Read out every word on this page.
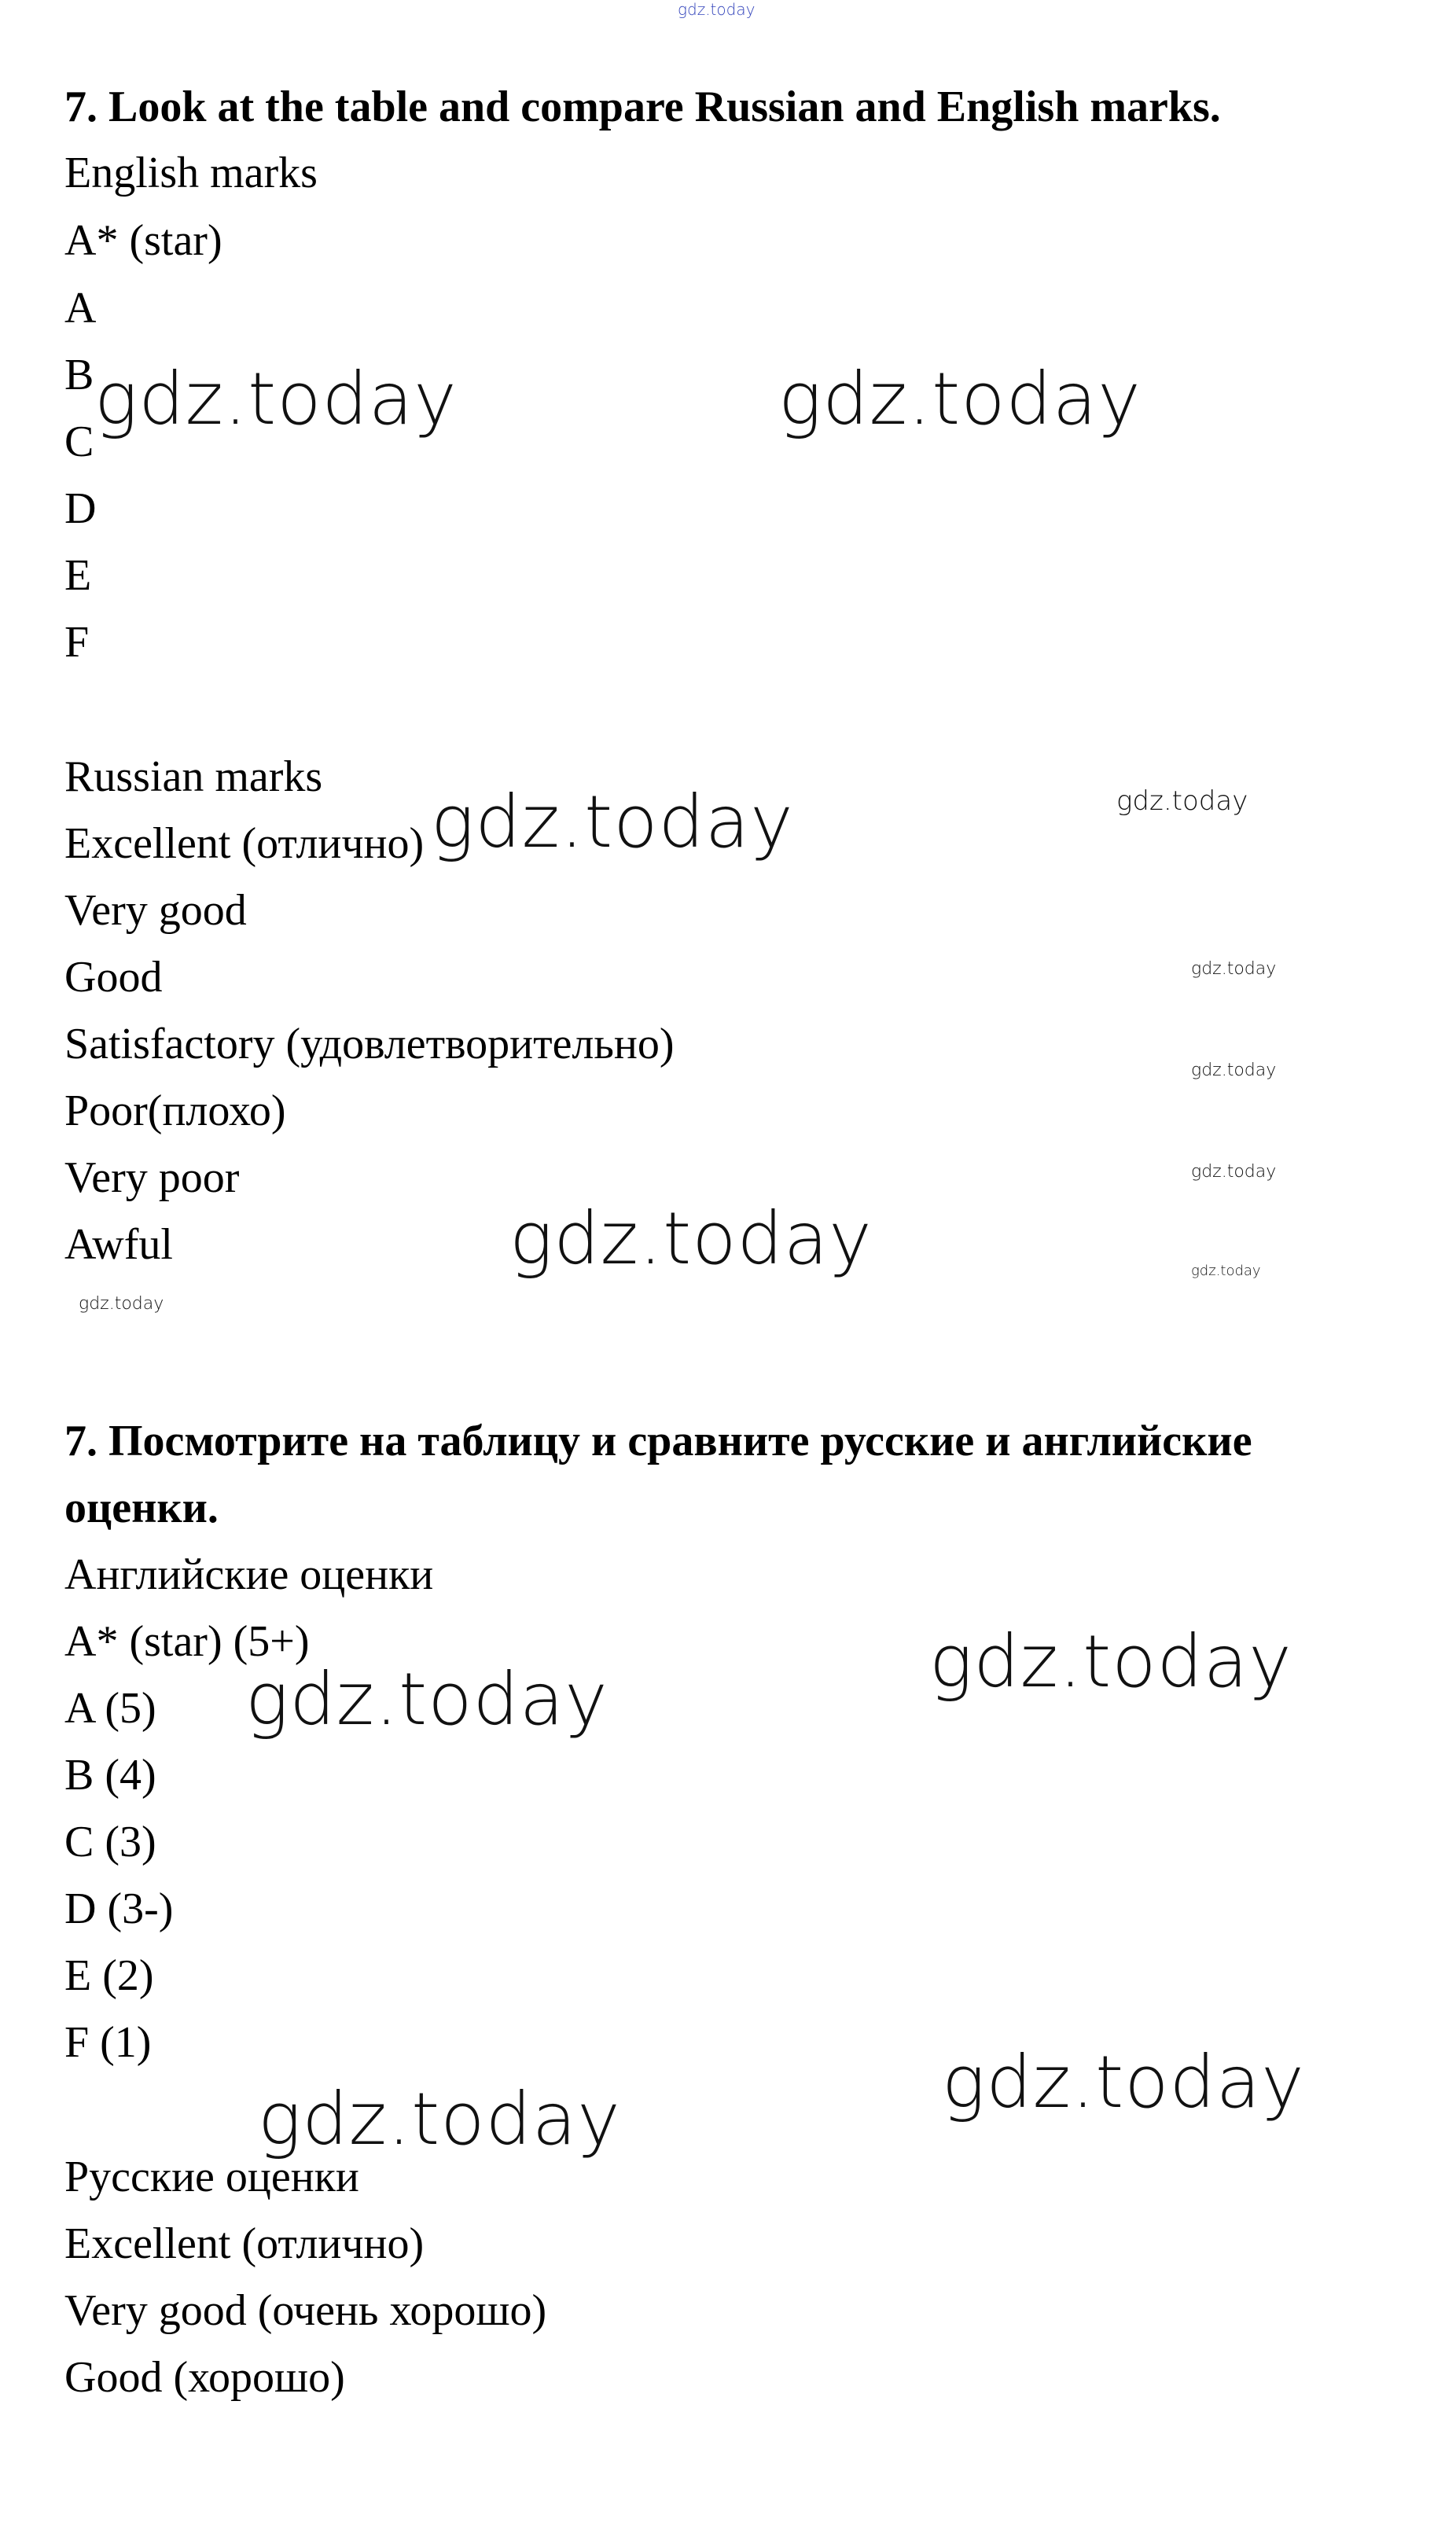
gdz.today
7. Look at the table and compare Russian and English marks.
English marks
A* (star)
A
B
C
D
E
F
Russian marks
Excellent (отлично)
Very good
Good
Satisfactory (удовлетворительно)
Poor(плохо)
Very poor
Awful
7. Посмотрите на таблицу и сравните русские и английские
оценки.
Английские оценки
A* (star) (5+)
A (5)
B (4)
C (3)
D (3-)
E (2)
F (1)
Русские оценки
Excellent (отлично)
Very good (очень хорошо)
Good (хорошо)
gdz.today	gdz.today
gdz.today	gdz.today
gdz.today
gdz.today
gdz.today
gdz.today
gdz.today
gdz.today
gdz.today
gdz.today
gdz.today
gdz.today
